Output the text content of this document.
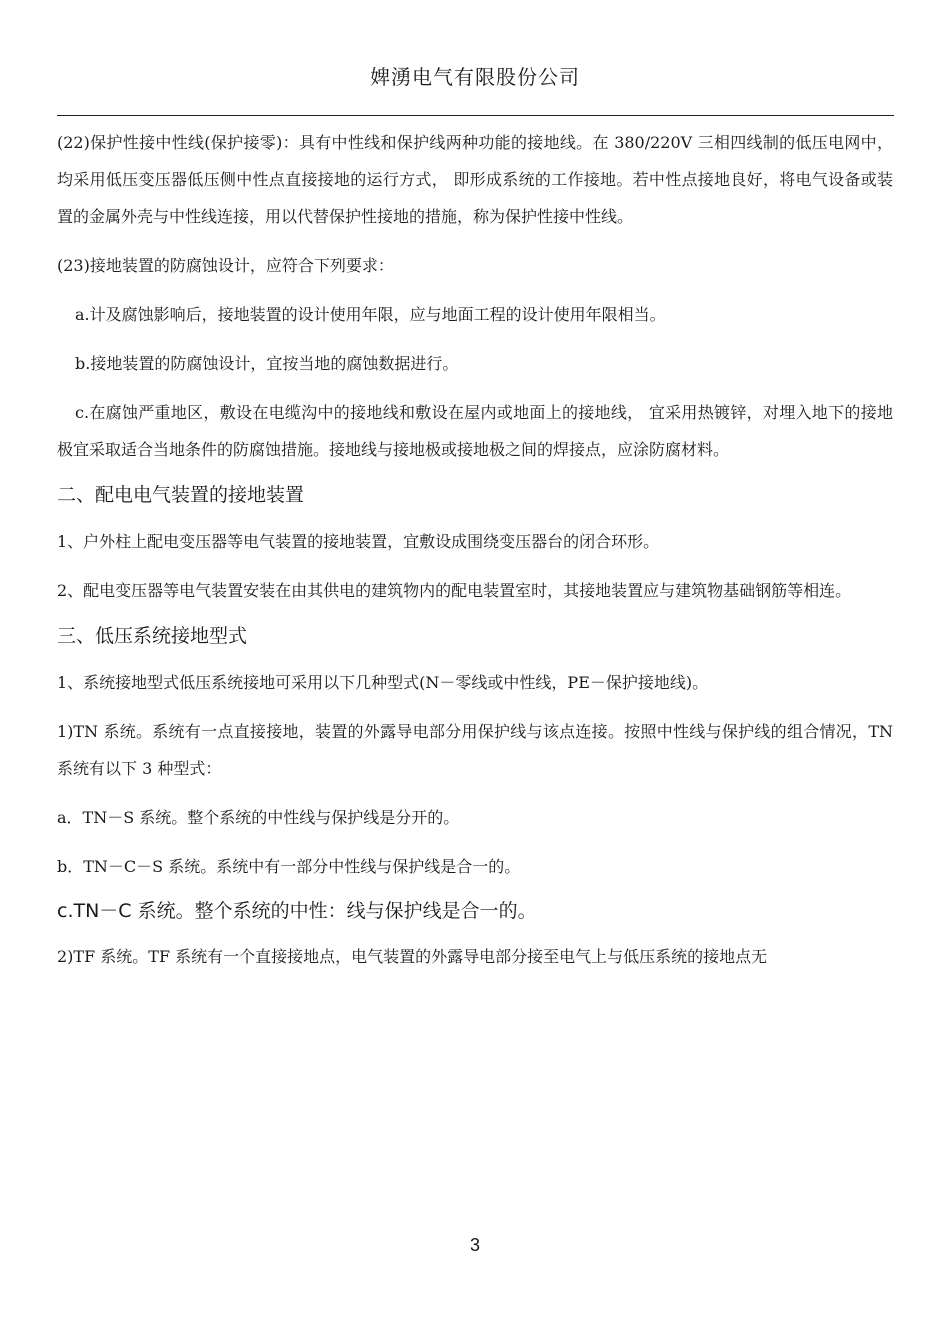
婢湧电气有限股份公司

(22)保护性接中性线(保护接零)：具有中性线和保护线两种功能的接地线。在 380/220V 三相四线制的低压电网中，均采用低压变压器低压侧中性点直接接地的运行方式， 即形成系统的工作接地。若中性点接地良好，将电气设备或装置的金属外壳与中性线连接，用以代替保护性接地的措施，称为保护性接中性线。

(23)接地装置的防腐蚀设计，应符合下列要求：

a.计及腐蚀影响后，接地装置的设计使用年限，应与地面工程的设计使用年限相当。

b.接地装置的防腐蚀设计，宜按当地的腐蚀数据进行。

c.在腐蚀严重地区，敷设在电缆沟中的接地线和敷设在屋内或地面上的接地线， 宜采用热镀锌，对埋入地下的接地极宜采取适合当地条件的防腐蚀措施。接地线与接地极或接地极之间的焊接点，应涂防腐材料。

二、配电电气装置的接地装置

1、户外柱上配电变压器等电气装置的接地装置，宜敷设成围绕变压器台的闭合环形。

2、配电变压器等电气装置安装在由其供电的建筑物内的配电装置室时，其接地装置应与建筑物基础钢筋等相连。

三、低压系统接地型式

1、系统接地型式低压系统接地可采用以下几种型式(N－零线或中性线，PE－保护接地线)。

1)TN 系统。系统有一点直接接地，装置的外露导电部分用保护线与该点连接。按照中性线与保护线的组合情况，TN 系统有以下 3 种型式：

a．TN－S 系统。整个系统的中性线与保护线是分开的。

b．TN－C－S 系统。系统中有一部分中性线与保护线是合一的。

c.TN－C 系统。整个系统的中性：线与保护线是合一的。

2)TF 系统。TF 系统有一个直接接地点，电气装置的外露导电部分接至电气上与低压系统的接地点无

3
